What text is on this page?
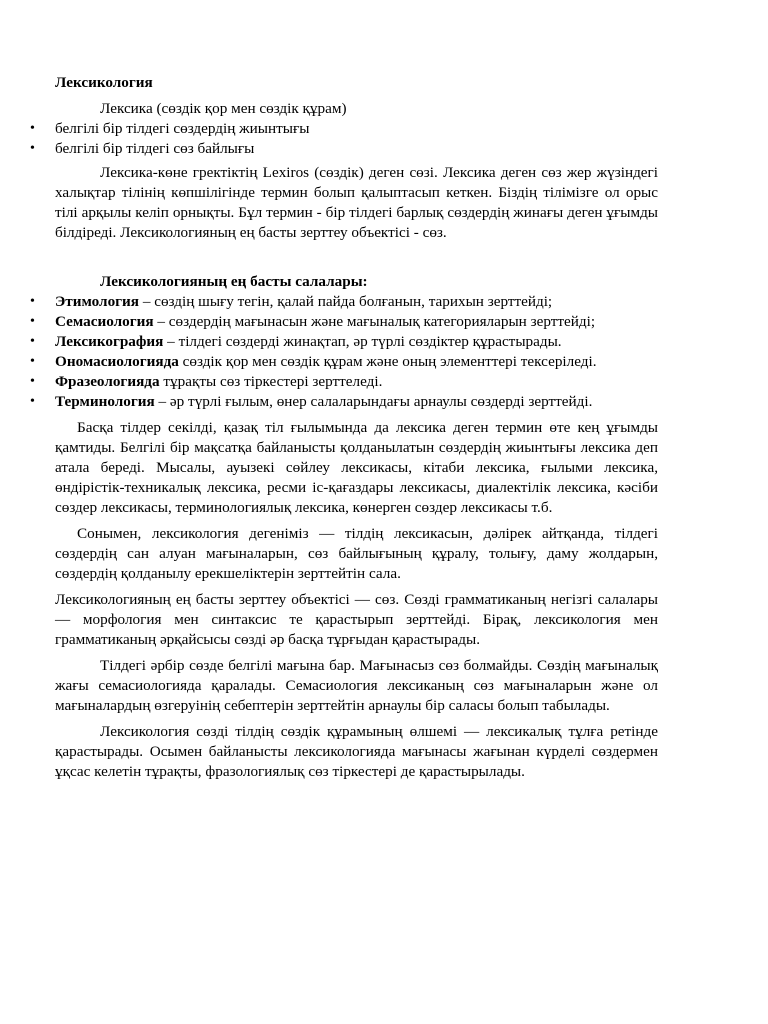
Лексикология

Лексика (сөздік қор мен сөздік құрам)

• белгілі бір тілдегі сөздердің жиынтығы
• белгілі бір тілдегі сөз байлығы

Лексика-көне гректіктің Lexiros (сөздік) деген сөзі. Лексика деген сөз жер жүзіндегі халықтар тілінің көпшілігінде термин болып қалыптасып кеткен. Біздің тілімізге ол орыс тілі арқылы келіп орнықты. Бұл термин - бір тілдегі барлық сөздердің жинағы деген ұғымды білдіреді. Лексикологияның ең басты зерттеу объектісі - сөз.

Лексикологияның ең басты салалары:

• Этимология – сөздің шығу тегін, қалай пайда болғанын, тарихын зерттейді;
• Семасиология – сөздердің мағынасын және мағыналық категорияларын зерттейді;
• Лексикография – тілдегі сөздерді жинақтап, әр түрлі сөздіктер құрастырады.
• Ономасиологияда сөздік қор мен сөздік құрам және оның элементтері тексеріледі.
• Фразеологияда тұрақты сөз тіркестері зерттеледі.
• Терминология – әр түрлі ғылым, өнер салаларындағы арнаулы сөздерді зерттейді.

Басқа тілдер секілді, қазақ тіл ғылымында да лексика деген термин өте кең ұғымды қамтиды. Белгілі бір мақсатқа байланысты қолданылатын сөздердің жиынтығы лексика деп атала береді. Мысалы, ауызекі сөйлеу лексикасы, кітаби лексика, ғылыми лексика, өндірістік-техникалық лексика, ресми іс-қағаздары лексикасы, диалектілік лексика, кәсіби сөздер лексикасы, терминологиялық лексика, көнерген сөздер лексикасы т.б.

Сонымен, лексикология дегеніміз — тілдің лексикасын, дәлірек айтқанда, тілдегі сөздердің сан алуан мағыналарын, сөз байлығының құралу, толығу, даму жолдарын, сөздердің қолданылу ерекшеліктерін зерттейтін сала.

Лексикологияның ең басты зерттеу объектісі — сөз. Сөзді грамматиканың негізгі салалары — морфология мен синтаксис те қарастырып зерттейді. Бірақ, лексикология мен грамматиканың әрқайсысы сөзді әр басқа тұрғыдан қарастырады.

Тілдегі әрбір сөзде белгілі мағына бар. Мағынасыз сөз болмайды. Сөздің мағыналық жағы семасиологияда қаралады. Семасиология лексиканың сөз мағыналарын және ол мағыналардың өзгеруінің себептерін зерттейтін арнаулы бір саласы болып табылады.

Лексикология сөзді тілдің сөздік құрамының өлшемі — лексикалық тұлға ретінде қарастырады. Осымен байланысты лексикологияда мағынасы жағынан күрделі сөздермен ұқсас келетін тұрақты, фразологиялық сөз тіркестері де қарастырылады.
